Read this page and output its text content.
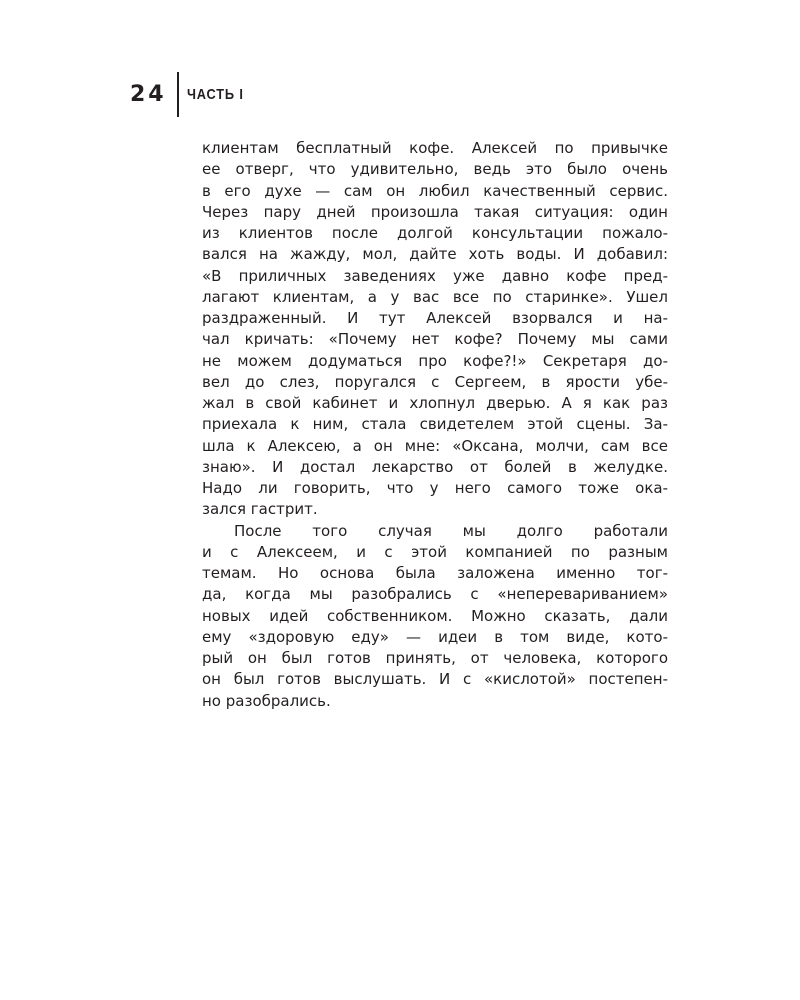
24	ЧАСТЬ I
клиентам бесплатный кофе. Алексей по привычке
ее отверг, что удивительно, ведь это было очень
в его духе — сам он любил качественный сервис.
Через пару дней произошла такая ситуация: один
из клиентов после долгой консультации пожало-
вался на жажду, мол, дайте хоть воды. И добавил:
«В приличных заведениях уже давно кофе пред-
лагают клиентам, а у вас все по старинке». Ушел
раздраженный. И тут Алексей взорвался и на-
чал кричать: «Почему нет кофе? Почему мы сами
не можем додуматься про кофе?!» Секретаря до-
вел до слез, поругался с Сергеем, в ярости убе-
жал в свой кабинет и хлопнул дверью. А я как раз
приехала к ним, стала свидетелем этой сцены. За-
шла к Алексею, а он мне: «Оксана, молчи, сам все
знаю». И достал лекарство от болей в желудке.
Надо ли говорить, что у него самого тоже ока-
зался гастрит.
После того случая мы долго работали
и с Алексеем, и с этой компанией по разным
темам. Но основа была заложена именно тог-
да, когда мы разобрались с «неперевариванием»
новых идей собственником. Можно сказать, дали
ему «здоровую еду» — идеи в том виде, кото-
рый он был готов принять, от человека, которого
он был готов выслушать. И с «кислотой» постепен-
но разобрались.
